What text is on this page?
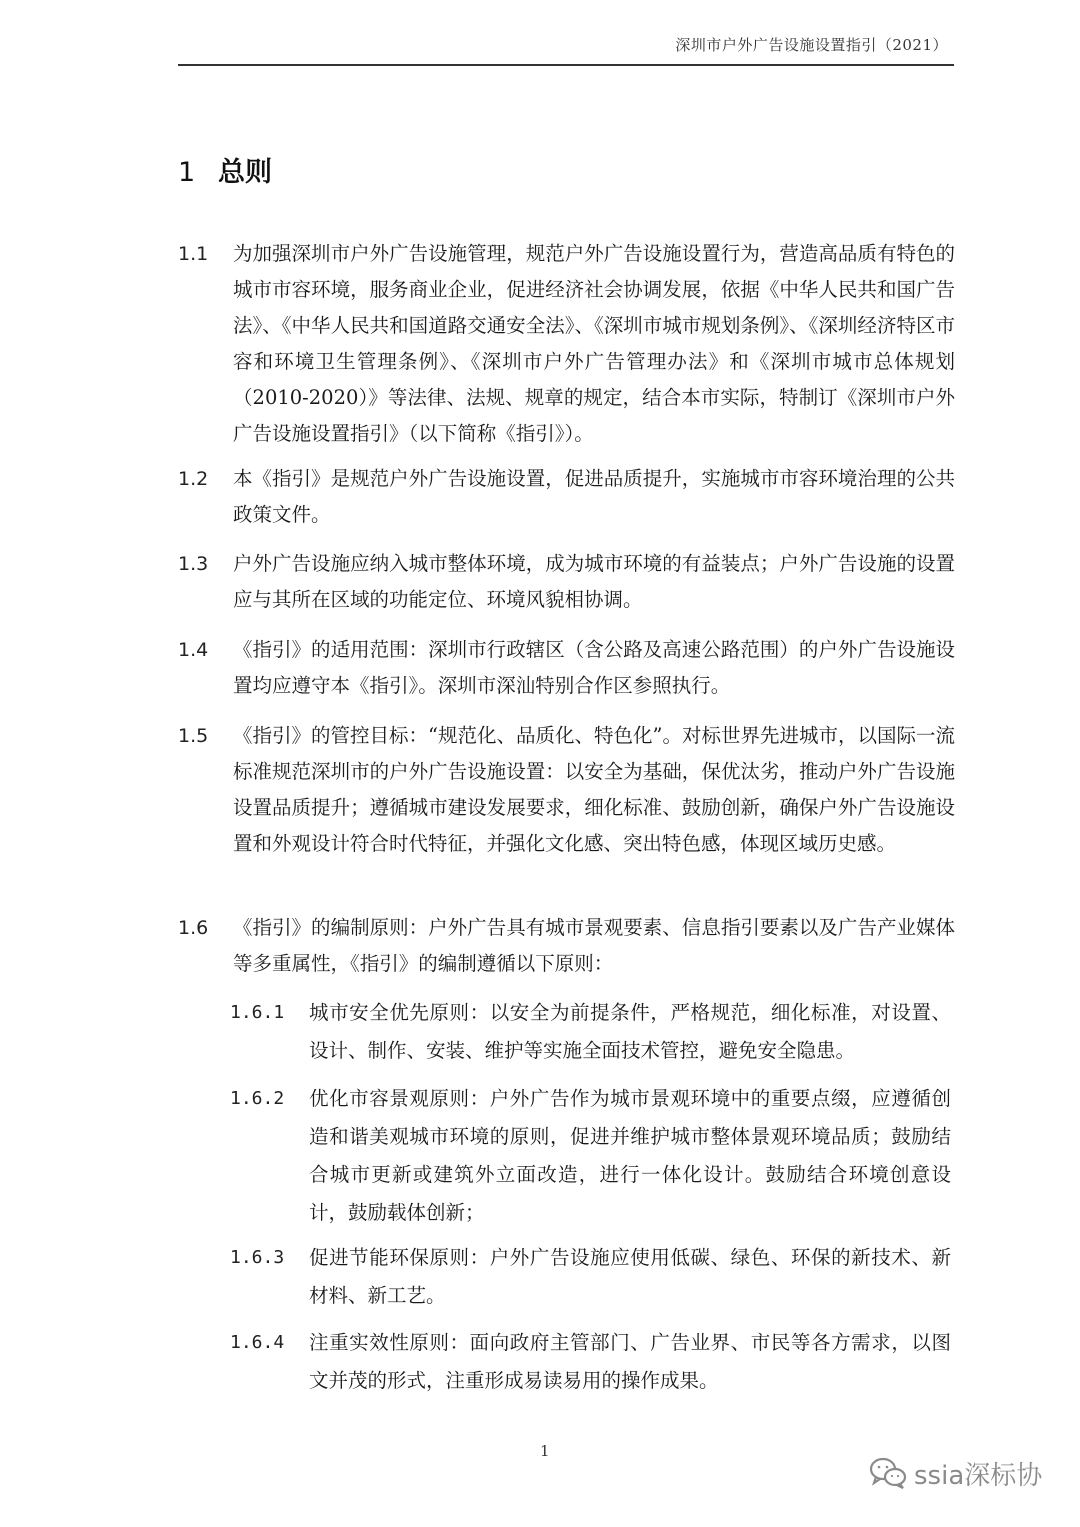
深圳市户外广告设施设置指引（2021）
1 总则
1.1	为加强深圳市户外广告设施管理，规范户外广告设施设置行为，营造高品质有特色的城市市容环境，服务商业企业，促进经济社会协调发展，依据《中华人民共和国广告法》、《中华人民共和国道路交通安全法》、《深圳市城市规划条例》、《深圳经济特区市容和环境卫生管理条例》、《深圳市户外广告管理办法》和《深圳市城市总体规划（2010-2020）》等法律、法规、规章的规定，结合本市实际，特制订《深圳市户外广告设施设置指引》（以下简称《指引》）。
1.2	本《指引》是规范户外广告设施设置，促进品质提升，实施城市市容环境治理的公共政策文件。
1.3	户外广告设施应纳入城市整体环境，成为城市环境的有益装点；户外广告设施的设置应与其所在区域的功能定位、环境风貌相协调。
1.4	《指引》的适用范围：深圳市行政辖区（含公路及高速公路范围）的户外广告设施设置均应遵守本《指引》。深圳市深汕特别合作区参照执行。
1.5	《指引》的管控目标：“规范化、品质化、特色化”。对标世界先进城市，以国际一流标准规范深圳市的户外广告设施设置：以安全为基础，保优汰劣，推动户外广告设施设置品质提升；遵循城市建设发展要求，细化标准、鼓励创新，确保户外广告设施设置和外观设计符合时代特征，并强化文化感、突出特色感，体现区域历史感。
1.6	《指引》的编制原则：户外广告具有城市景观要素、信息指引要素以及广告产业媒体等多重属性，《指引》的编制遵循以下原则：
1.6.1	城市安全优先原则：以安全为前提条件，严格规范，细化标准，对设置、设计、制作、安装、维护等实施全面技术管控，避免安全隐患。
1.6.2	优化市容景观原则：户外广告作为城市景观环境中的重要点缀，应遵循创造和谐美观城市环境的原则，促进并维护城市整体景观环境品质；鼓励结合城市更新或建筑外立面改造，进行一体化设计。鼓励结合环境创意设计，鼓励载体创新；
1.6.3	促进节能环保原则：户外广告设施应使用低碳、绿色、环保的新技术、新材料、新工艺。
1.6.4	注重实效性原则：面向政府主管部门、广告业界、市民等各方需求，以图文并茂的形式，注重形成易读易用的操作成果。
1
ssia深标协
